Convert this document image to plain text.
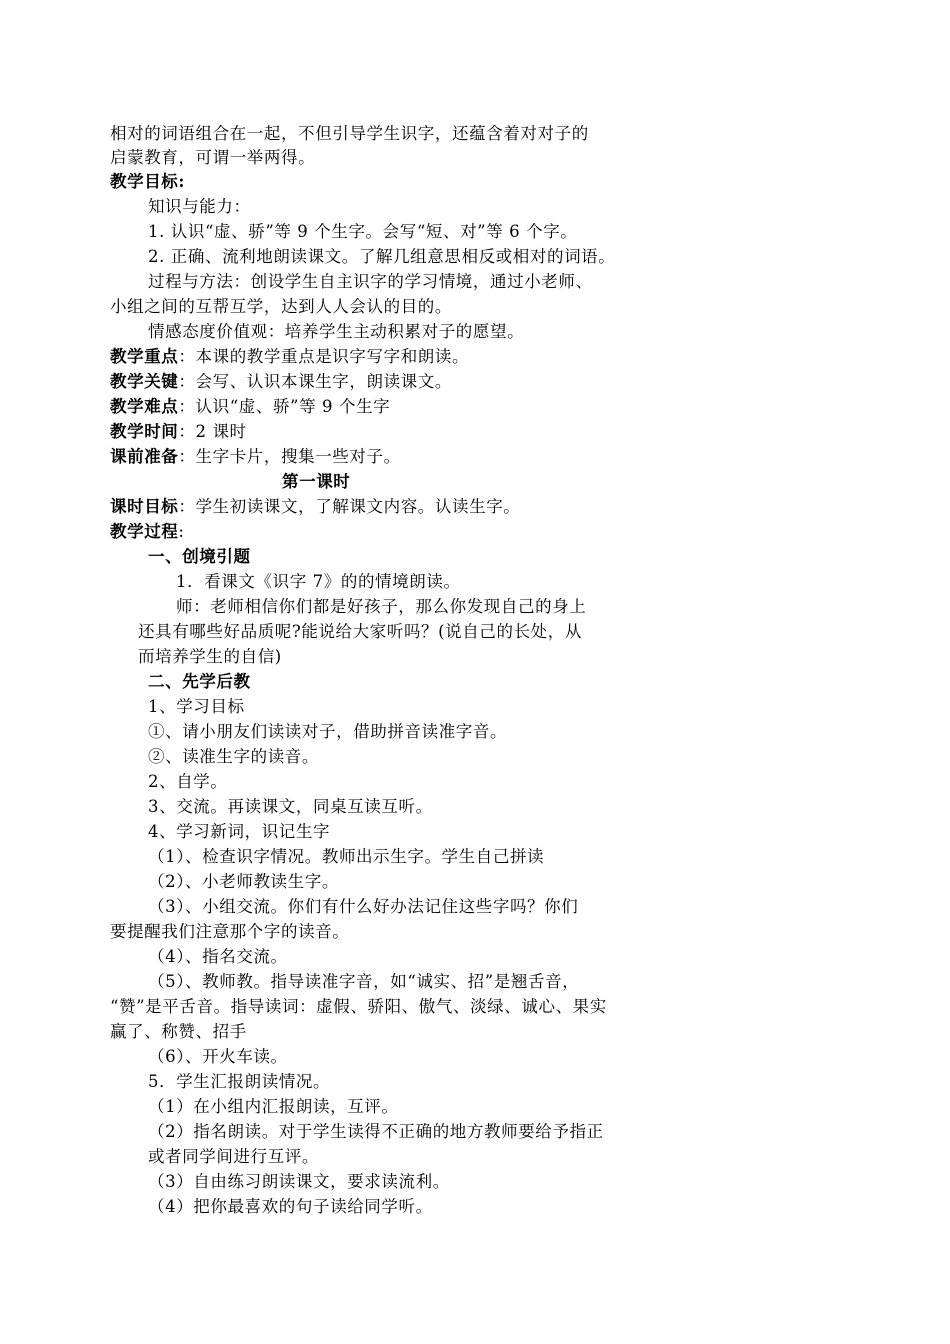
相对的词语组合在一起，不但引导学生识字，还蕴含着对对子的
启蒙教育，可谓一举两得。
教学目标:
知识与能力：
1. 认识“虚、骄”等 9 个生字。会写“短、对”等 6 个字。
2. 正确、流利地朗读课文。了解几组意思相反或相对的词语。
过程与方法：创设学生自主识字的学习情境，通过小老师、
小组之间的互帮互学，达到人人会认的目的。
情感态度价值观：培养学生主动积累对子的愿望。
教学重点：本课的教学重点是识字写字和朗读。
教学关键：会写、认识本课生字，朗读课文。
教学难点：认识“虚、骄”等 9 个生字
教学时间：2 课时
课前准备：生字卡片，搜集一些对子。
第一课时
课时目标：学生初读课文，了解课文内容。认读生字。
教学过程:
一、创境引题
1．看课文《识字 7》的的情境朗读。
师：老师相信你们都是好孩子，那么你发现自己的身上
还具有哪些好品质呢?能说给大家听吗？(说自己的长处，从
而培养学生的自信)
二、先学后教
1、学习目标
①、请小朋友们读读对子，借助拼音读准字音。
②、读准生字的读音。
2、自学。
3、交流。再读课文，同桌互读互听。
4、学习新词，识记生字
（1）、检查识字情况。教师出示生字。学生自己拼读
（2）、小老师教读生字。
（3）、小组交流。你们有什么好办法记住这些字吗？你们
要提醒我们注意那个字的读音。
（4）、指名交流。
（5）、教师教。指导读准字音，如“诚实、招”是翘舌音，
“赞”是平舌音。指导读词：虚假、骄阳、傲气、淡绿、诚心、果实
赢了、称赞、招手
（6）、开火车读。
5．学生汇报朗读情况。
（1）在小组内汇报朗读，互评。
（2）指名朗读。对于学生读得不正确的地方教师要给予指正
或者同学间进行互评。
（3）自由练习朗读课文，要求读流利。
（4）把你最喜欢的句子读给同学听。
